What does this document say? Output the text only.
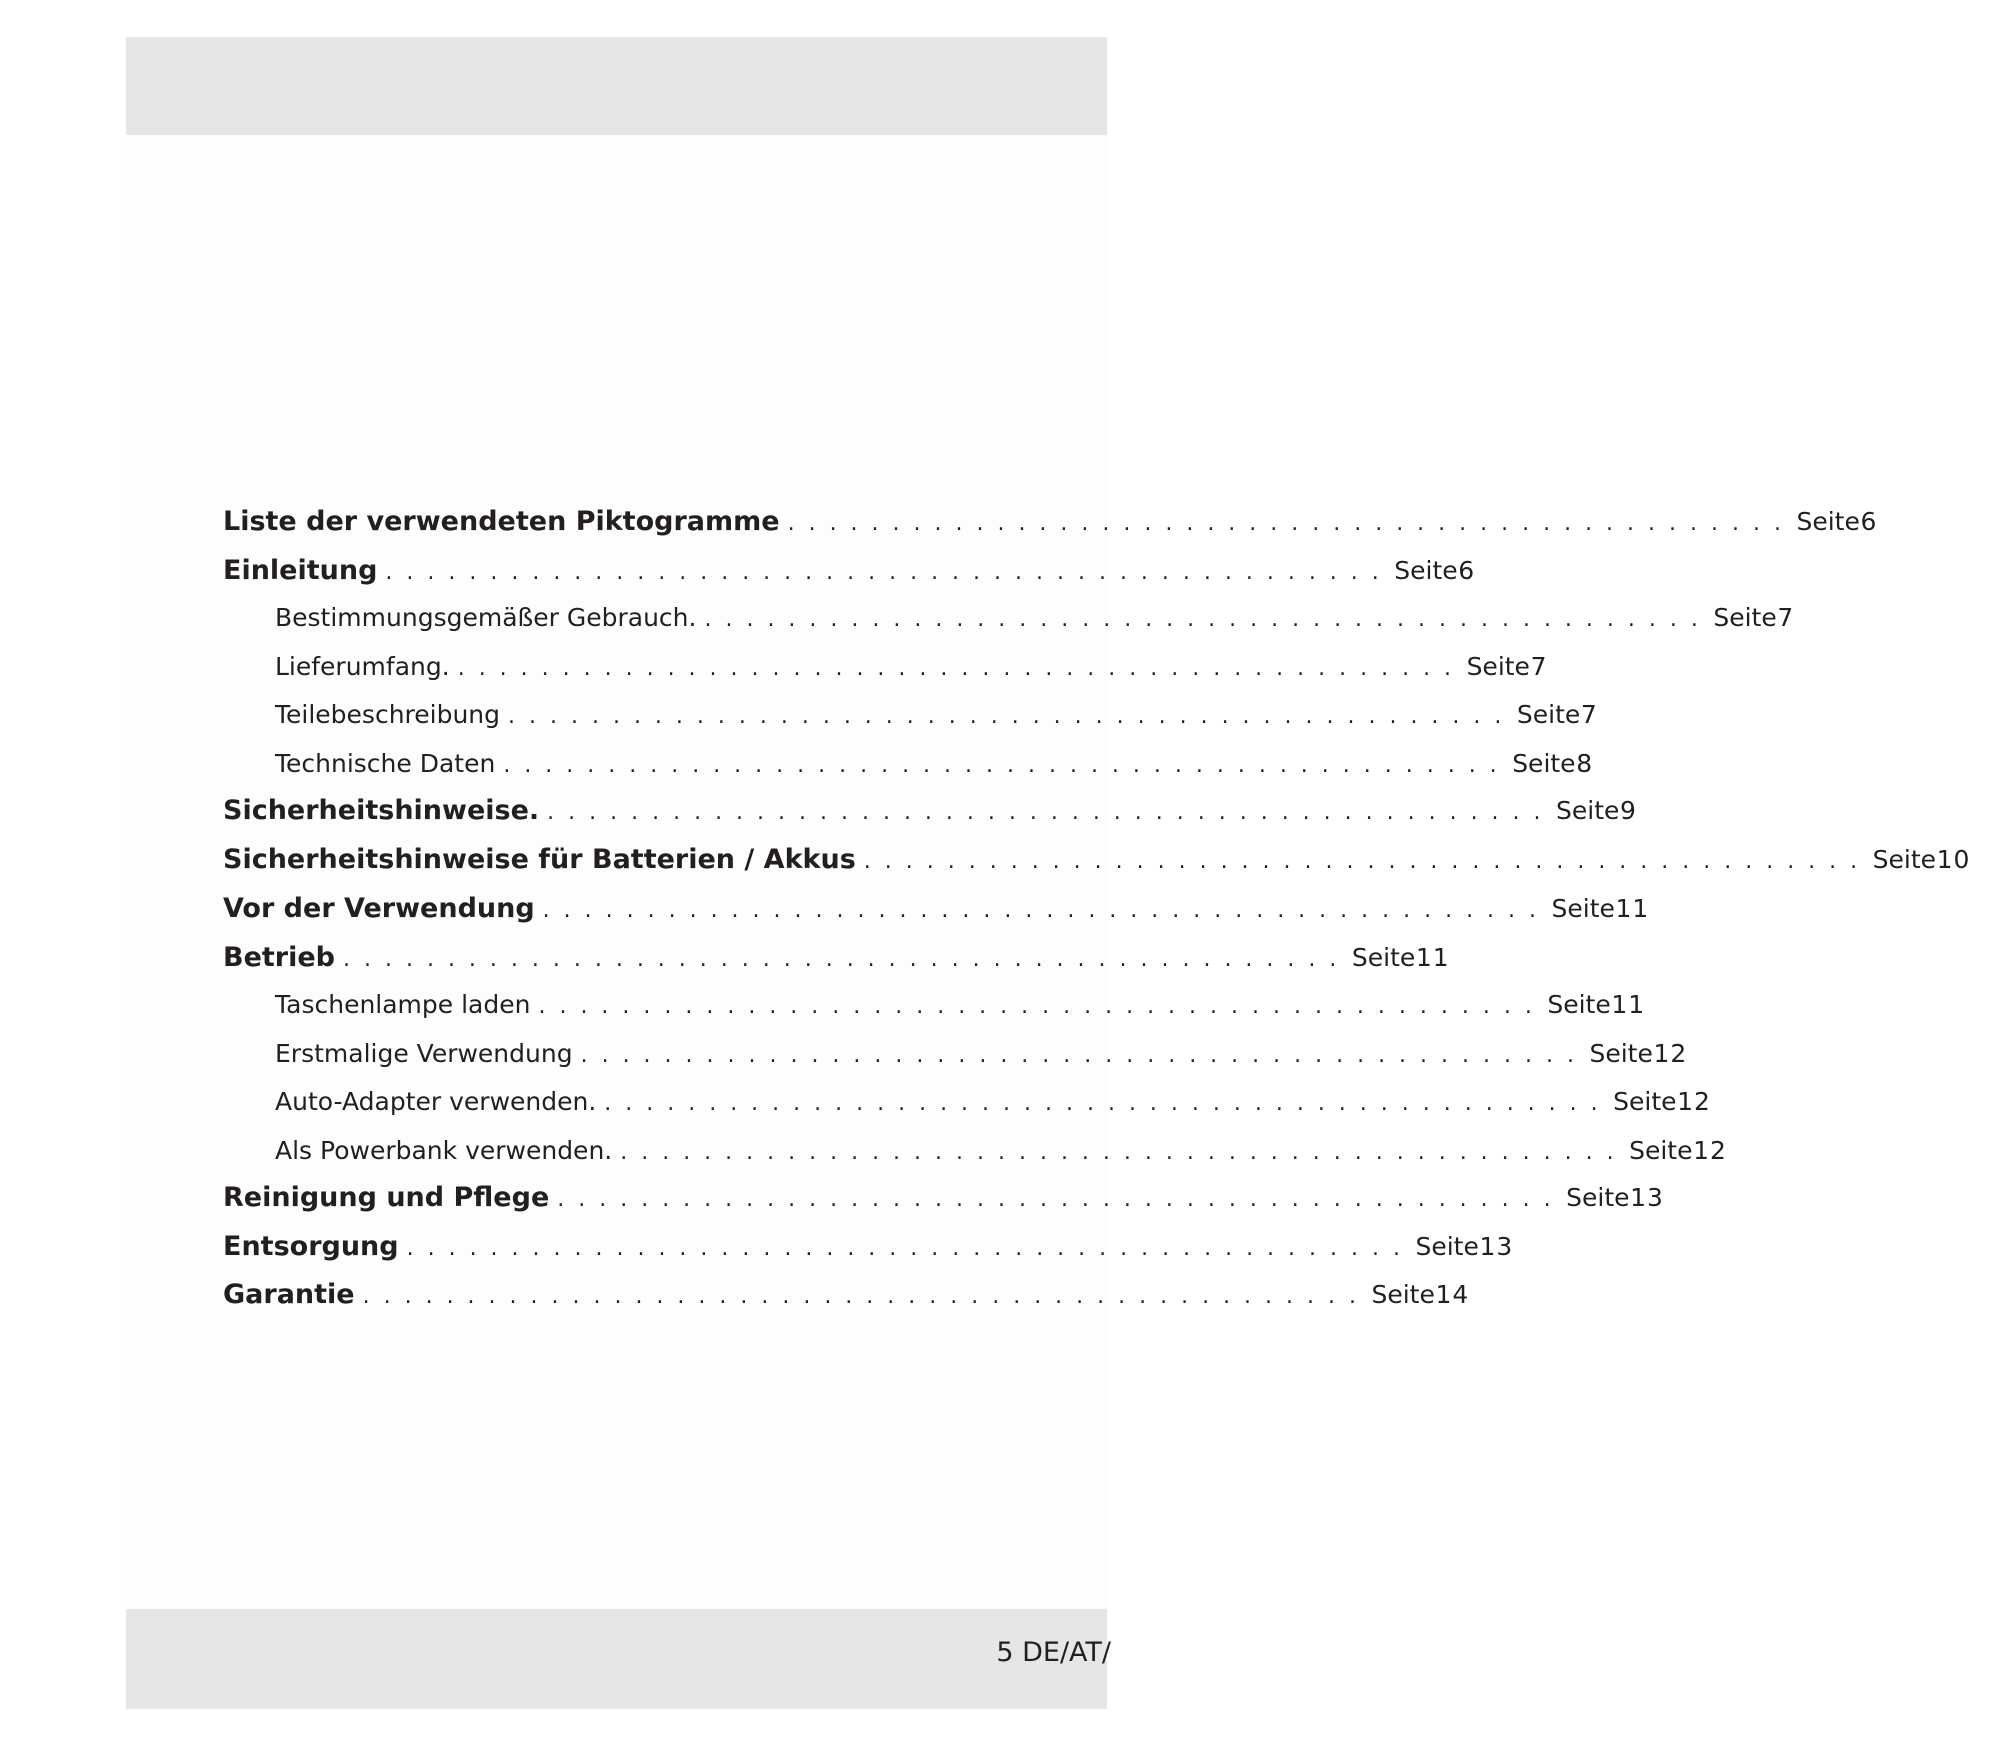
Liste der verwendeten Piktogramme . . . . . . . . . . . . . . . . . . . . . . . . . . . . . . . . . . . . . . . . . . . . . . . . Seite 6
Einleitung . . . . . . . . . . . . . . . . . . . . . . . . . . . . . . . . . . . . . . . . . . . . . . . . Seite 6
Bestimmungsgemäßer Gebrauch. . . . . . . . . . . . . . . . . . . . . . . . . . . . . . . . . . . . . . . . . . . . . . . . . Seite 7
Lieferumfang. . . . . . . . . . . . . . . . . . . . . . . . . . . . . . . . . . . . . . . . . . . . . . . . . Seite 7
Teilebeschreibung . . . . . . . . . . . . . . . . . . . . . . . . . . . . . . . . . . . . . . . . . . . . . . . . Seite 7
Technische Daten . . . . . . . . . . . . . . . . . . . . . . . . . . . . . . . . . . . . . . . . . . . . . . . . Seite 8
Sicherheitshinweise. . . . . . . . . . . . . . . . . . . . . . . . . . . . . . . . . . . . . . . . . . . . . . . . . Seite 9
Sicherheitshinweise für Batterien / Akkus . . . . . . . . . . . . . . . . . . . . . . . . . . . . . . . . . . . . . . . . . . . . . . . . Seite 10
Vor der Verwendung . . . . . . . . . . . . . . . . . . . . . . . . . . . . . . . . . . . . . . . . . . . . . . . . Seite 11
Betrieb . . . . . . . . . . . . . . . . . . . . . . . . . . . . . . . . . . . . . . . . . . . . . . . . Seite 11
Taschenlampe laden . . . . . . . . . . . . . . . . . . . . . . . . . . . . . . . . . . . . . . . . . . . . . . . . Seite 11
Erstmalige Verwendung . . . . . . . . . . . . . . . . . . . . . . . . . . . . . . . . . . . . . . . . . . . . . . . . Seite 12
Auto-Adapter verwenden. . . . . . . . . . . . . . . . . . . . . . . . . . . . . . . . . . . . . . . . . . . . . . . . . Seite 12
Als Powerbank verwenden. . . . . . . . . . . . . . . . . . . . . . . . . . . . . . . . . . . . . . . . . . . . . . . . . Seite 12
Reinigung und Pflege . . . . . . . . . . . . . . . . . . . . . . . . . . . . . . . . . . . . . . . . . . . . . . . . Seite 13
Entsorgung . . . . . . . . . . . . . . . . . . . . . . . . . . . . . . . . . . . . . . . . . . . . . . . . Seite 13
Garantie . . . . . . . . . . . . . . . . . . . . . . . . . . . . . . . . . . . . . . . . . . . . . . . . Seite 14
5 DE/AT/
